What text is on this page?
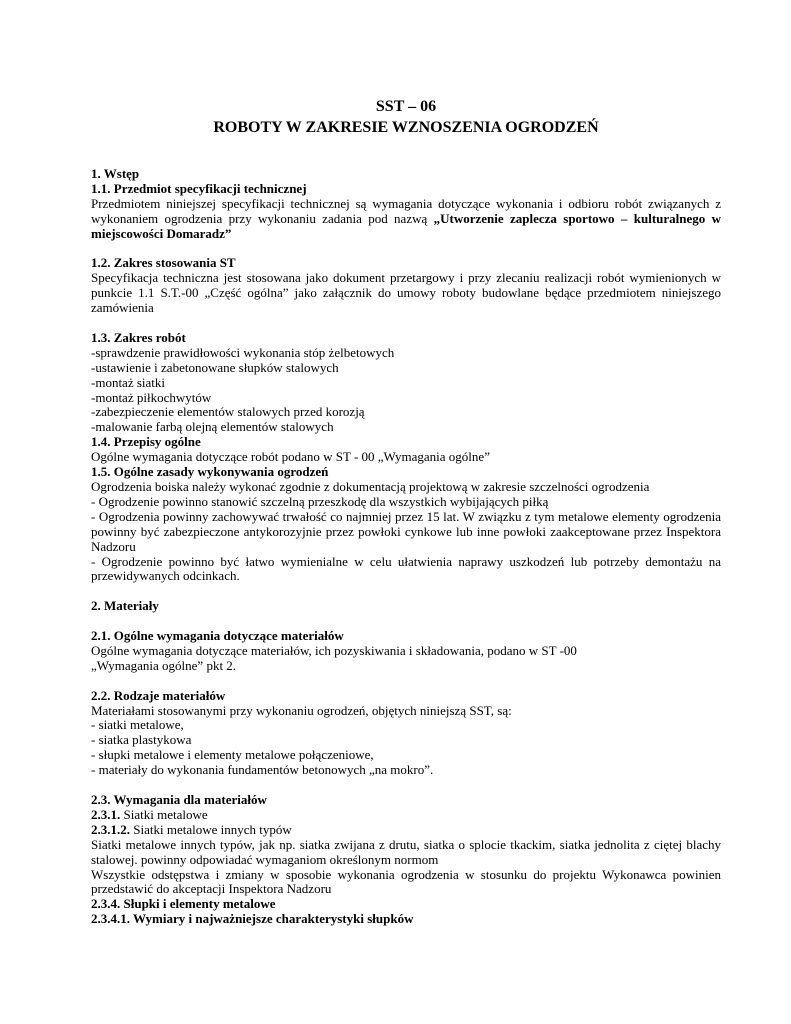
SST – 06
ROBOTY W ZAKRESIE WZNOSZENIA OGRODZEŃ

1. Wstęp

1.1. Przedmiot specyfikacji technicznej

Przedmiotem niniejszej specyfikacji technicznej są wymagania dotyczące wykonania i odbioru robót związanych z wykonaniem ogrodzenia przy wykonaniu zadania pod nazwą „Utworzenie zaplecza sportowo – kulturalnego w miejscowości Domaradz”

1.2. Zakres stosowania ST

Specyfikacja techniczna jest stosowana jako dokument przetargowy i przy zlecaniu realizacji robót wymienionych w punkcie 1.1 S.T.-00 „Część ogólna” jako załącznik do umowy roboty budowlane będące przedmiotem niniejszego zamówienia

1.3. Zakres robót

-sprawdzenie prawidłowości wykonania stóp żelbetowych

-ustawienie i zabetonowane słupków stalowych

-montaż siatki

-montaż piłkochwytów

-zabezpieczenie elementów stalowych przed korozją

-malowanie farbą olejną elementów stalowych

1.4. Przepisy ogólne

Ogólne wymagania dotyczące robót podano w ST - 00 „Wymagania ogólne”

1.5. Ogólne zasady wykonywania ogrodzeń

Ogrodzenia boiska należy wykonać zgodnie z dokumentacją projektową w zakresie szczelności ogrodzenia

- Ogrodzenie powinno stanowić szczelną przeszkodę dla wszystkich wybijających piłką

- Ogrodzenia powinny zachowywać trwałość co najmniej przez 15 lat. W związku z tym metalowe elementy ogrodzenia powinny być zabezpieczone antykorozyjnie przez powłoki cynkowe lub inne powłoki zaakceptowane przez Inspektora Nadzoru

- Ogrodzenie powinno być łatwo wymienialne w celu ułatwienia naprawy uszkodzeń lub potrzeby demontażu na przewidywanych odcinkach.

2. Materiały

2.1. Ogólne wymagania dotyczące materiałów

Ogólne wymagania dotyczące materiałów, ich pozyskiwania i składowania, podano w ST -00

„Wymagania ogólne” pkt 2.

2.2. Rodzaje materiałów

Materiałami stosowanymi przy wykonaniu ogrodzeń, objętych niniejszą SST, są:

- siatki metalowe,

- siatka plastykowa

- słupki metalowe i elementy metalowe połączeniowe,

- materiały do wykonania fundamentów betonowych „na mokro”.

2.3. Wymagania dla materiałów

2.3.1. Siatki metalowe

2.3.1.2. Siatki metalowe innych typów

Siatki metalowe innych typów, jak np. siatka zwijana z drutu, siatka o splocie tkackim, siatka jednolita z ciętej blachy stalowej. powinny odpowiadać wymaganiom określonym normom

Wszystkie odstępstwa i zmiany w sposobie wykonania ogrodzenia w stosunku do projektu Wykonawca powinien przedstawić do akceptacji Inspektora Nadzoru

2.3.4. Słupki i elementy metalowe

2.3.4.1. Wymiary i najważniejsze charakterystyki słupków
